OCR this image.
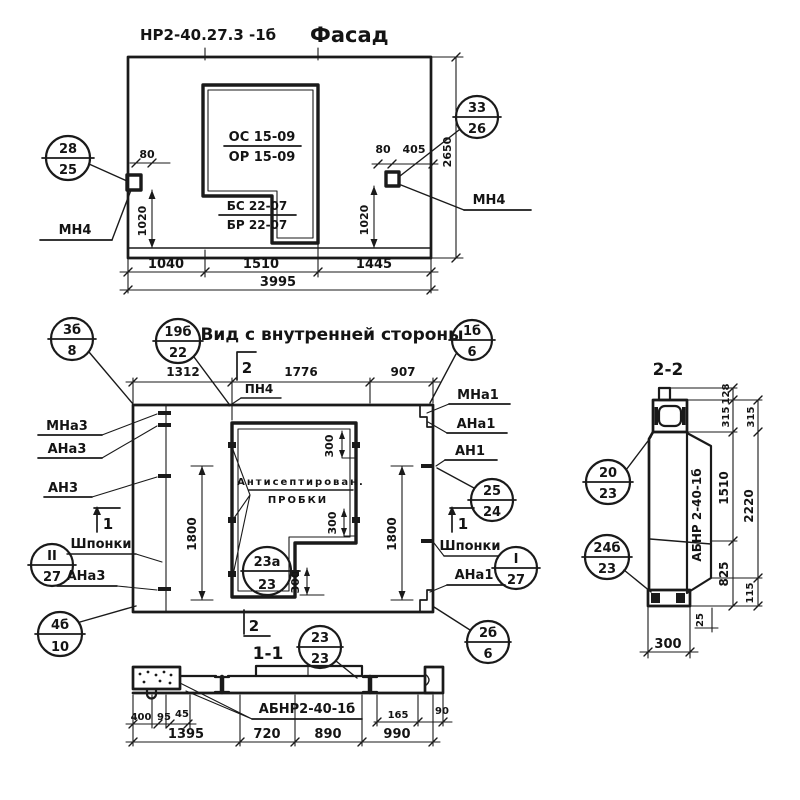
НР2-40.27.3 -1б Фасад
ОС 15-09
ОР 15-09
БС 22-07
БР 22-07
80
1020
28
25
МН4
80 405
1020
2650
33
26
МН4
1040	1510	1445
3995
3б
8
19б
22
Вид с внутренней стороны 1б
6
1312	1776	907
2
ПН4
300
300
300
Антисептирован.
ПРОБКИ
23а
23
1800	1800
МНа3
АНа3
АН3
1
Шпонки
II
27 АНа3
4б
10
МНа1
АНа1
АН1
25
24
1
Шпонки
I
27
АНа1
2б
6
2
1-1
23
23
АБНР2-40-1б
400 95 45
1395	720	890	990
165	90
2-2
АБНР 2-40-1б
20
23
24б
23
128
315
1510
825
315
2220
115
25
300
